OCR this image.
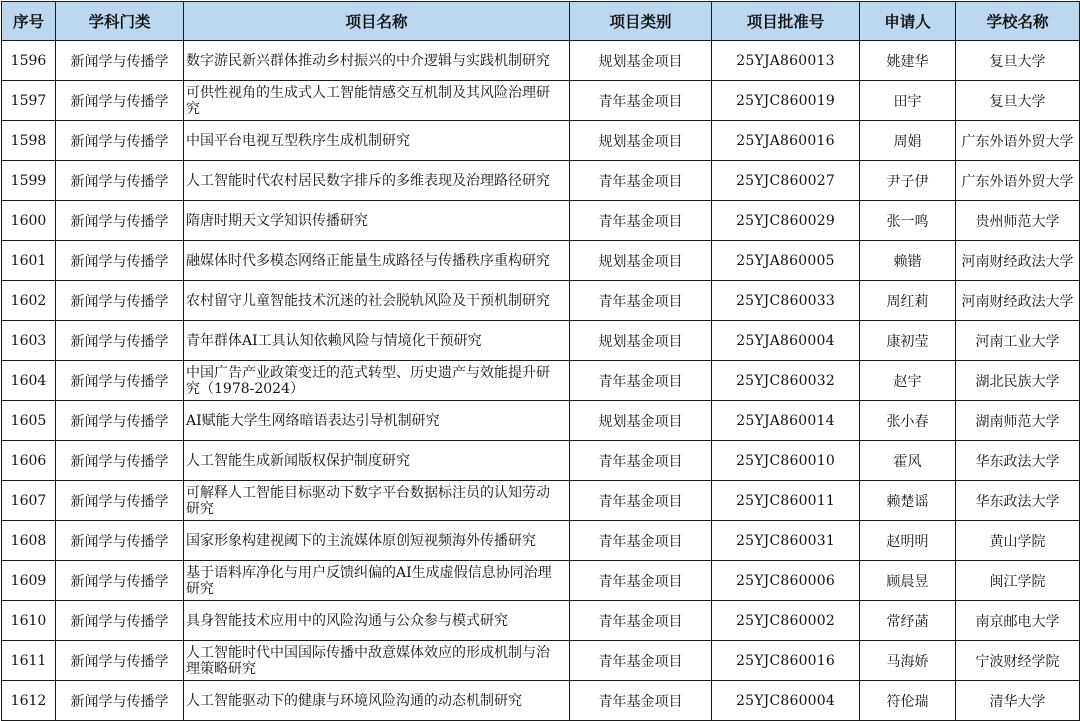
序号	学科门类	项目名称	项目类别	项目批准号	申请人	学校名称
1596	新闻学与传播学	数字游民新兴群体推动乡村振兴的中介逻辑与实践机制研究	规划基金项目	25YJA860013	姚建华	复旦大学
1597	新闻学与传播学	可供性视角的生成式人工智能情感交互机制及其风险治理研究	青年基金项目	25YJC860019	田宇	复旦大学
1598	新闻学与传播学	中国平台电视互型秩序生成机制研究	规划基金项目	25YJA860016	周娟	广东外语外贸大学
1599	新闻学与传播学	人工智能时代农村居民数字排斥的多维表现及治理路径研究	青年基金项目	25YJC860027	尹子伊	广东外语外贸大学
1600	新闻学与传播学	隋唐时期天文学知识传播研究	青年基金项目	25YJC860029	张一鸣	贵州师范大学
1601	新闻学与传播学	融媒体时代多模态网络正能量生成路径与传播秩序重构研究	规划基金项目	25YJA860005	赖锴	河南财经政法大学
1602	新闻学与传播学	农村留守儿童智能技术沉迷的社会脱轨风险及干预机制研究	青年基金项目	25YJC860033	周红莉	河南财经政法大学
1603	新闻学与传播学	青年群体AI工具认知依赖风险与情境化干预研究	规划基金项目	25YJA860004	康初莹	河南工业大学
1604	新闻学与传播学	中国广告产业政策变迁的范式转型、历史遗产与效能提升研究（1978-2024）	青年基金项目	25YJC860032	赵宇	湖北民族大学
1605	新闻学与传播学	AI赋能大学生网络暗语表达引导机制研究	规划基金项目	25YJA860014	张小春	湖南师范大学
1606	新闻学与传播学	人工智能生成新闻版权保护制度研究	青年基金项目	25YJC860010	霍风	华东政法大学
1607	新闻学与传播学	可解释人工智能目标驱动下数字平台数据标注员的认知劳动研究	青年基金项目	25YJC860011	赖楚谣	华东政法大学
1608	新闻学与传播学	国家形象构建视阈下的主流媒体原创短视频海外传播研究	青年基金项目	25YJC860031	赵明明	黄山学院
1609	新闻学与传播学	基于语料库净化与用户反馈纠偏的AI生成虚假信息协同治理研究	青年基金项目	25YJC860006	顾晨昱	闽江学院
1610	新闻学与传播学	具身智能技术应用中的风险沟通与公众参与模式研究	青年基金项目	25YJC860002	常纾菡	南京邮电大学
1611	新闻学与传播学	人工智能时代中国国际传播中敌意媒体效应的形成机制与治理策略研究	青年基金项目	25YJC860016	马海娇	宁波财经学院
1612	新闻学与传播学	人工智能驱动下的健康与环境风险沟通的动态机制研究	青年基金项目	25YJC860004	符伦瑞	清华大学
